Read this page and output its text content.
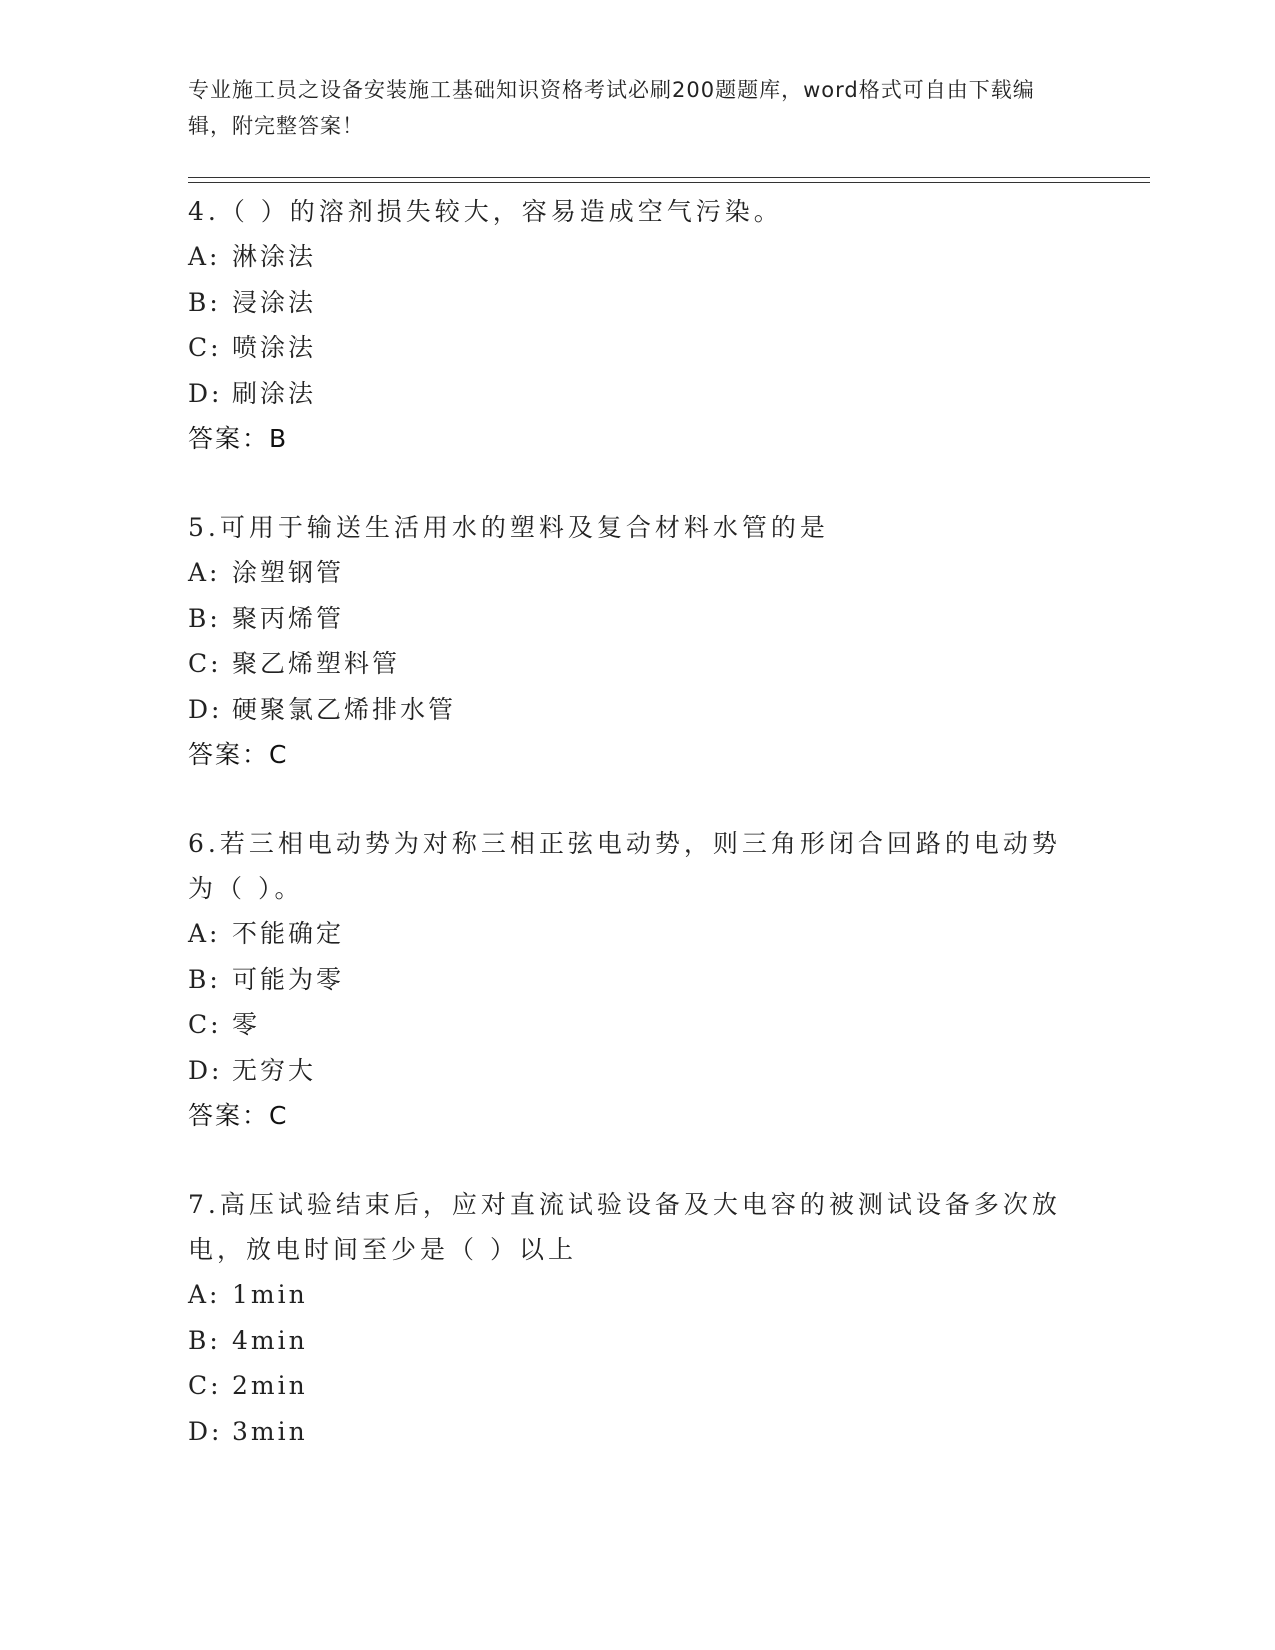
专业施工员之设备安装施工基础知识资格考试必刷200题题库，word格式可自由下载编辑，附完整答案！

4.（ ）的溶剂损失较大，容易造成空气污染。

A: 淋涂法
B: 浸涂法
C: 喷涂法
D: 刷涂法
答案：B

5.可用于输送生活用水的塑料及复合材料水管的是

A: 涂塑钢管
B: 聚丙烯管
C: 聚乙烯塑料管
D: 硬聚氯乙烯排水管
答案：C

6.若三相电动势为对称三相正弦电动势，则三角形闭合回路的电动势为（ ）。

A: 不能确定
B: 可能为零
C: 零
D: 无穷大
答案：C

7.高压试验结束后，应对直流试验设备及大电容的被测试设备多次放电，放电时间至少是（ ）以上

A: 1min
B: 4min
C: 2min
D: 3min
